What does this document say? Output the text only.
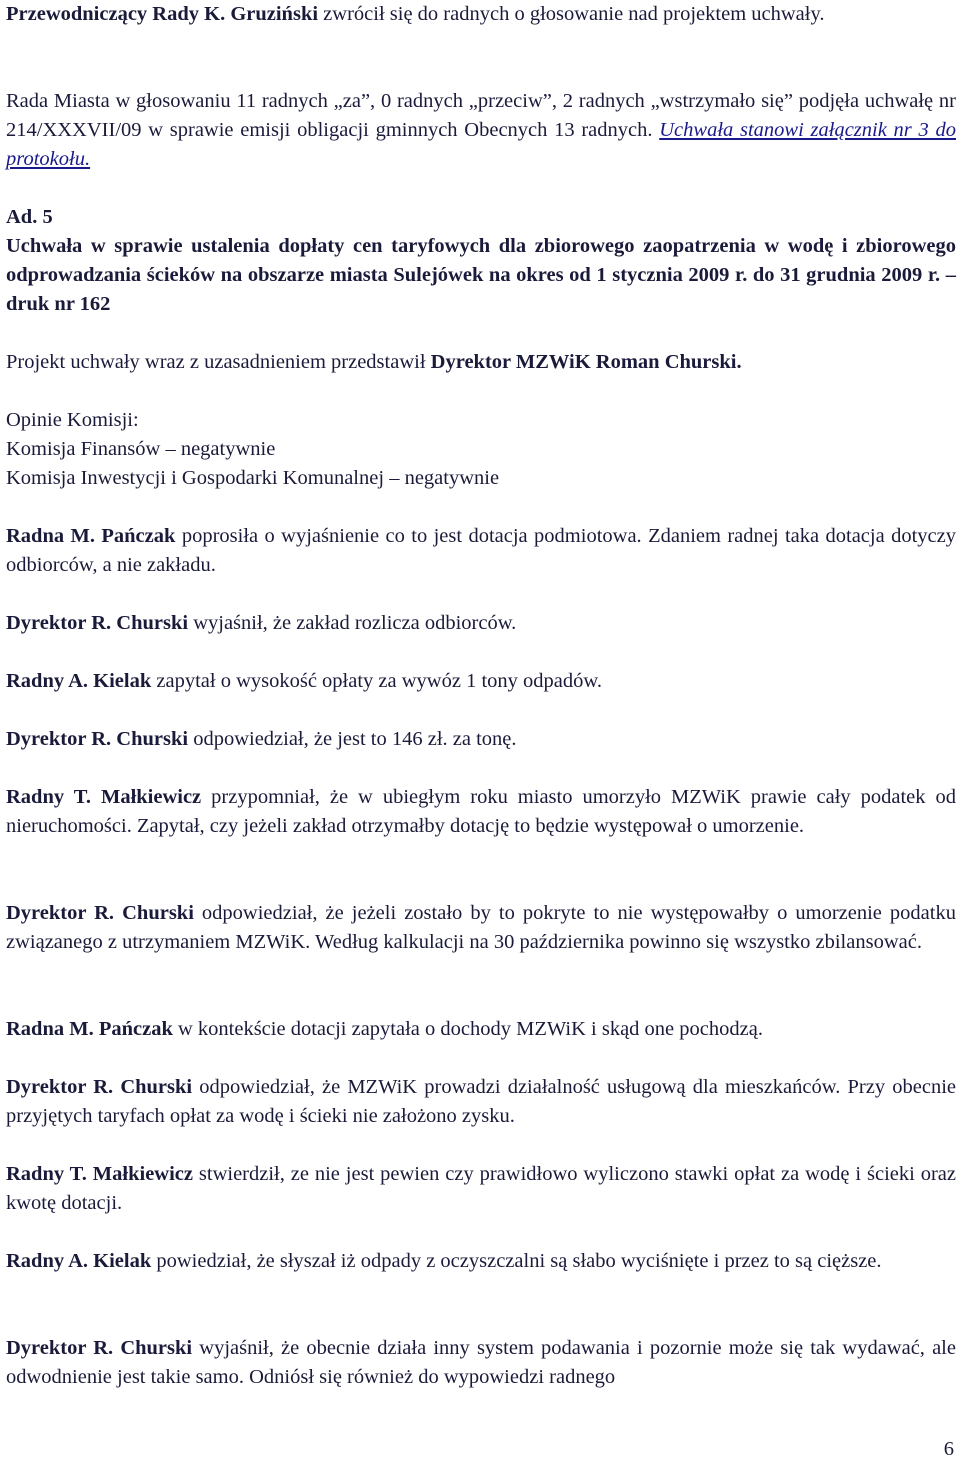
Przewodniczący Rady K. Gruziński zwrócił się do radnych o głosowanie nad projektem uchwały.

Rada Miasta w głosowaniu 11 radnych „za”, 0 radnych „przeciw”, 2 radnych „wstrzymało się” podjęła uchwałę nr 214/XXXVII/09 w sprawie emisji obligacji gminnych Obecnych 13 radnych. Uchwała stanowi załącznik nr 3 do protokołu.

Ad. 5

Uchwała w sprawie ustalenia dopłaty cen taryfowych dla zbiorowego zaopatrzenia w wodę i zbiorowego odprowadzania ścieków na obszarze miasta Sulejówek na okres od 1 stycznia 2009 r. do 31 grudnia 2009 r. – druk nr 162

Projekt uchwały wraz z uzasadnieniem przedstawił Dyrektor MZWiK Roman Churski.

Opinie Komisji:

Komisja Finansów – negatywnie

Komisja Inwestycji i Gospodarki Komunalnej – negatywnie

Radna M. Pańczak poprosiła o wyjaśnienie co to jest dotacja podmiotowa. Zdaniem radnej taka dotacja dotyczy odbiorców, a nie zakładu.

Dyrektor R. Churski wyjaśnił, że zakład rozlicza odbiorców.

Radny A. Kielak zapytał o wysokość opłaty za wywóz 1 tony odpadów.

Dyrektor R. Churski odpowiedział, że jest to 146 zł. za tonę.

Radny T. Małkiewicz przypomniał, że w ubiegłym roku miasto umorzyło MZWiK prawie cały podatek od nieruchomości. Zapytał, czy jeżeli zakład otrzymałby dotację to będzie występował o umorzenie.

Dyrektor R. Churski odpowiedział, że jeżeli zostało by to pokryte to nie występowałby o umorzenie podatku związanego z utrzymaniem MZWiK. Według kalkulacji na 30 października powinno się wszystko zbilansować.

Radna M. Pańczak w kontekście dotacji zapytała o dochody MZWiK i skąd one pochodzą.

Dyrektor R. Churski odpowiedział, że MZWiK prowadzi działalność usługową dla mieszkańców. Przy obecnie przyjętych taryfach opłat za wodę i ścieki nie założono zysku.

Radny T. Małkiewicz stwierdził, ze nie jest pewien czy prawidłowo wyliczono stawki opłat za wodę i ścieki oraz kwotę dotacji.

Radny A. Kielak powiedział, że słyszał iż odpady z oczyszczalni są słabo wyciśnięte i przez to są cięższe.

Dyrektor R. Churski wyjaśnił, że obecnie działa inny system podawania i pozornie może się tak wydawać, ale odwodnienie jest takie samo. Odniósł się również do wypowiedzi radnego

6
